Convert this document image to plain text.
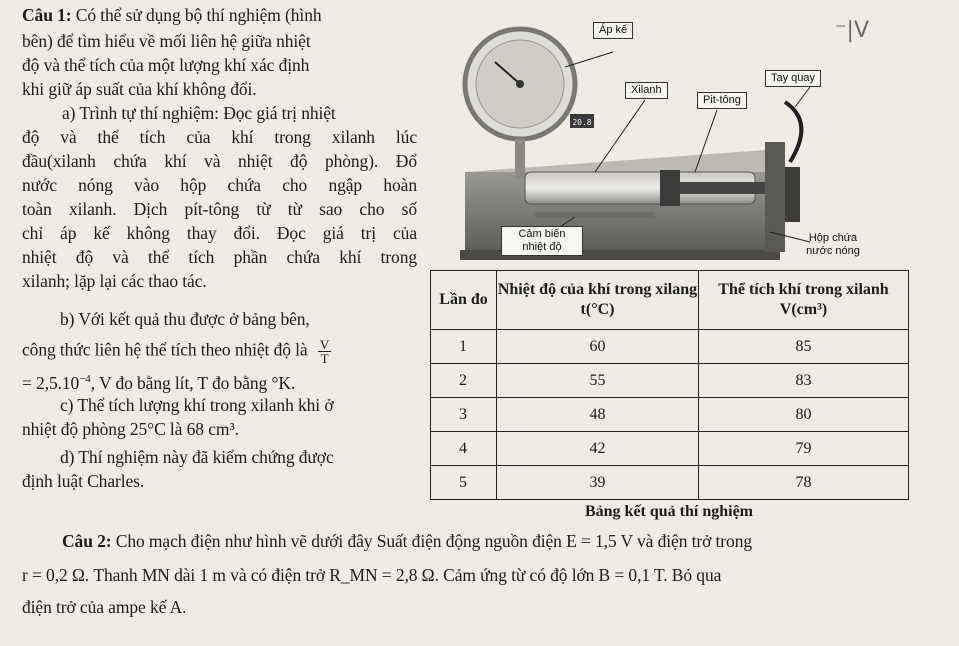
Câu 1: Có thể sử dụng bộ thí nghiệm (hình
bên) để tìm hiểu về mối liên hệ giữa nhiệt
độ và thể tích của một lượng khí xác định
khi giữ áp suất của khí không đổi.
a) Trình tự thí nghiệm: Đọc giá trị nhiệt
độ và thể tích của khí trong xilanh lúc
đầu(xilanh chứa khí và nhiệt độ phòng). Đổ
nước nóng vào hộp chứa cho ngập hoàn
toàn xilanh. Dịch pít-tông từ từ sao cho số
chỉ áp kế không thay đổi. Đọc giá trị của
nhiệt độ và thể tích phần chứa khí trong
xilanh; lặp lại các thao tác.
b) Với kết quả thu được ở bảng bên,
công thức liên hệ thể tích theo nhiệt độ là $\frac{V}{T}$
= $2,5.10^{-4}$, V đo bằng lít, T đo bằng °K.
c) Thể tích lượng khí trong xilanh khi ở
nhiệt độ phòng 25°C là 68 cm³.
d) Thí nghiệm này đã kiểm chứng được
định luật Charles.
⁻|V
20.8
Áp kế
Xilanh
Pit-tông
Tay quay
Cảm biến nhiệt độ
Hộp chứa nước nóng
Lần đo	Nhiệt độ của khí trong xilang t(°C)	Thể tích khí trong xilanh V(cm³)
1	60	85
2	55	83
3	48	80
4	42	79
5	39	78
Bảng kết quả thí nghiệm
Câu 2: Cho mạch điện như hình vẽ dưới đây Suất điện động nguồn điện E = 1,5 V và điện trở trong
r = 0,2 Ω. Thanh MN dài 1 m và có điện trở R_MN = 2,8 Ω. Cảm ứng từ có độ lớn B = 0,1 T. Bỏ qua
điện trở của ampe kế A.
